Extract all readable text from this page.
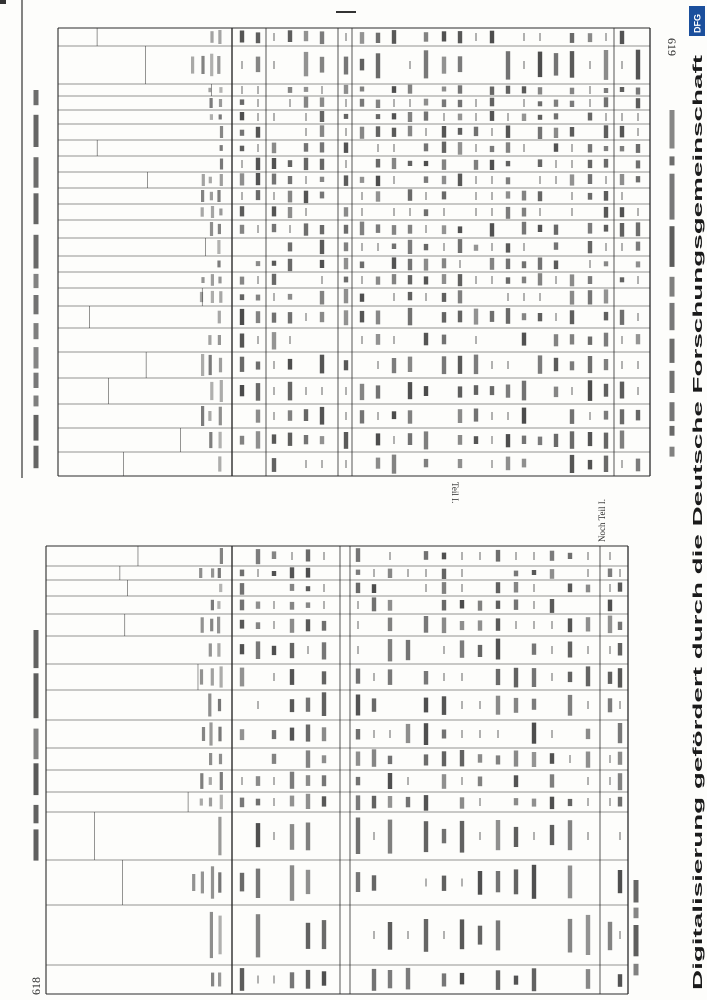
618
619
Teil I.
Noch Teil I.
DFG
Digitalisierung gefördert durch die Deutsche Forschungsgemeinschaft
